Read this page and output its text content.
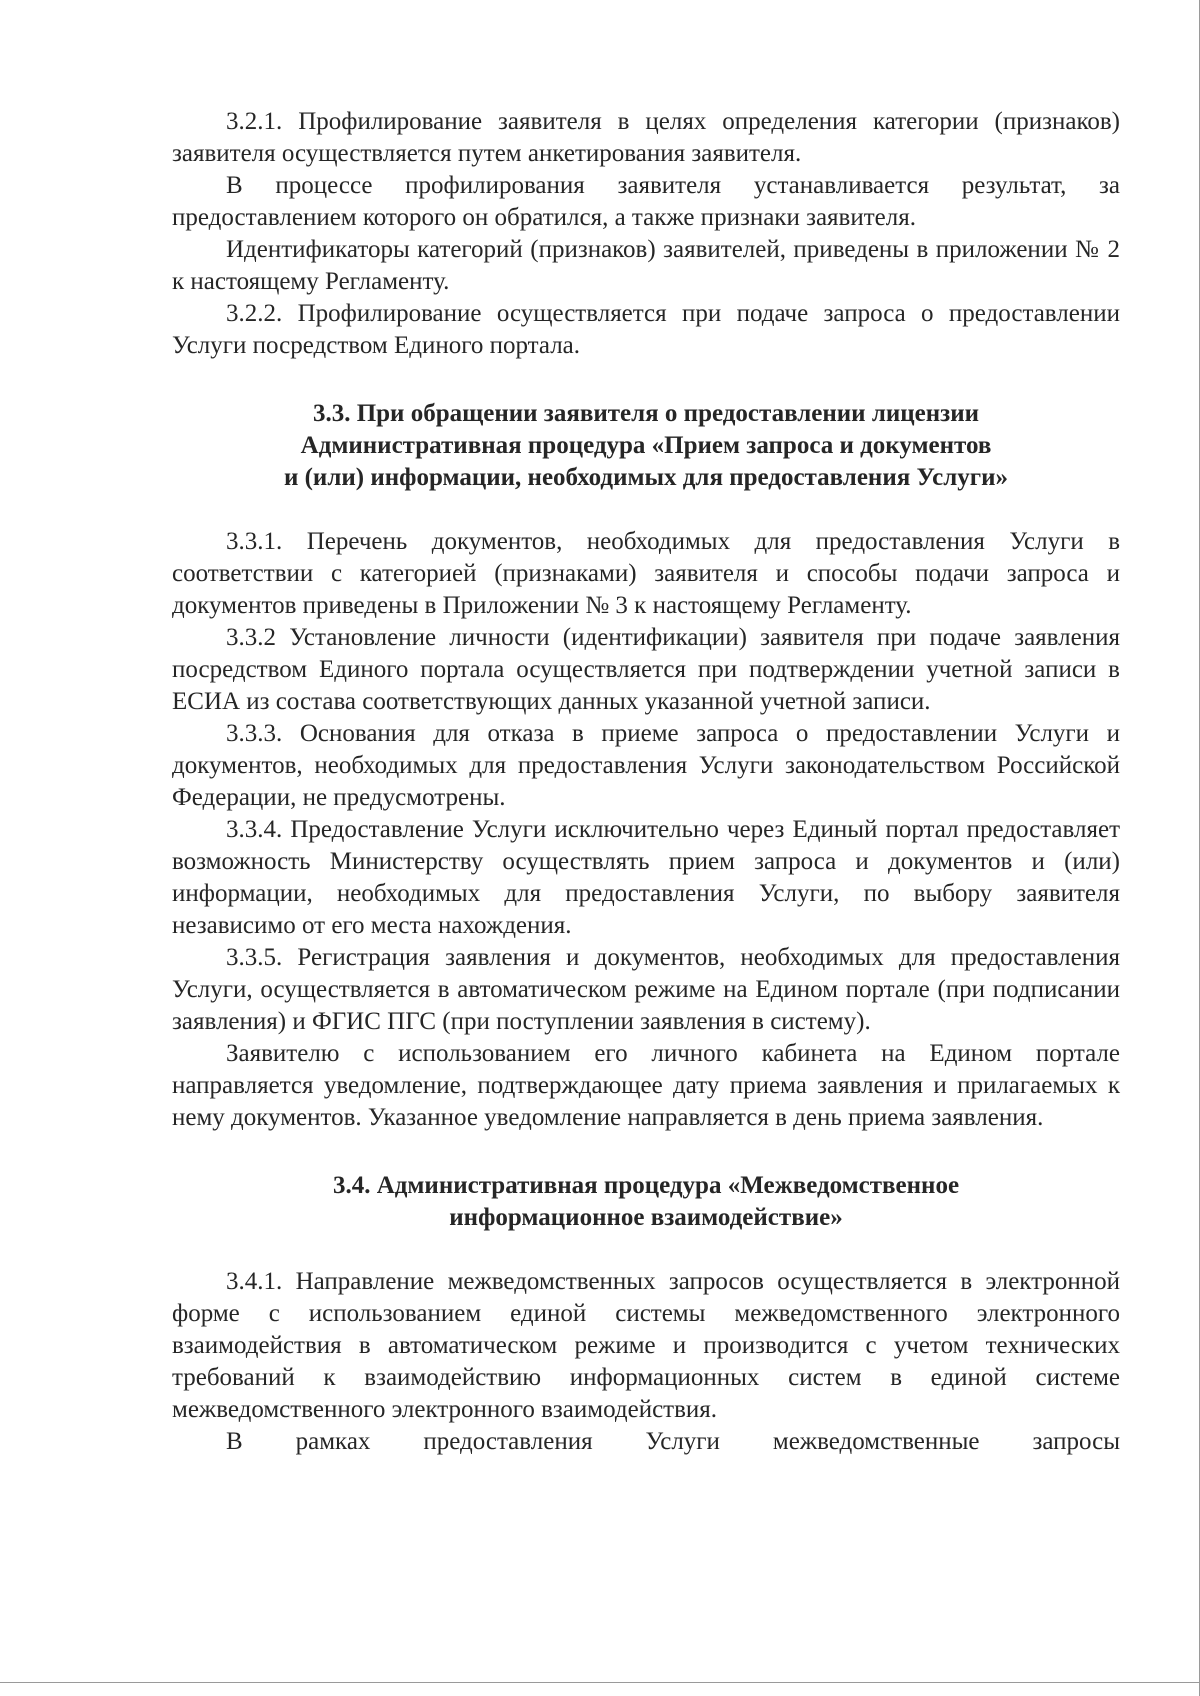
3.2.1. Профилирование заявителя в целях определения категории (признаков) заявителя осуществляется путем анкетирования заявителя.

В процессе профилирования заявителя устанавливается результат, за предоставлением которого он обратился, а также признаки заявителя.

Идентификаторы категорий (признаков) заявителей, приведены в приложении № 2 к настоящему Регламенту.

3.2.2. Профилирование осуществляется при подаче запроса о предоставлении Услуги посредством Единого портала.

3.3. При обращении заявителя о предоставлении лицензии
Административная процедура «Прием запроса и документов
и (или) информации, необходимых для предоставления Услуги»

3.3.1. Перечень документов, необходимых для предоставления Услуги в соответствии с категорией (признаками) заявителя и способы подачи запроса и документов приведены в Приложении № 3 к настоящему Регламенту.

3.3.2 Установление личности (идентификации) заявителя при подаче заявления посредством Единого портала осуществляется при подтверждении учетной записи в ЕСИА из состава соответствующих данных указанной учетной записи.

3.3.3. Основания для отказа в приеме запроса о предоставлении Услуги и документов, необходимых для предоставления Услуги законодательством Российской Федерации, не предусмотрены.

3.3.4. Предоставление Услуги исключительно через Единый портал предоставляет возможность Министерству осуществлять прием запроса и документов и (или) информации, необходимых для предоставления Услуги, по выбору заявителя независимо от его места нахождения.

3.3.5. Регистрация заявления и документов, необходимых для предоставления Услуги, осуществляется в автоматическом режиме на Едином портале (при подписании заявления) и ФГИС ПГС (при поступлении заявления в систему).

Заявителю с использованием его личного кабинета на Едином портале направляется уведомление, подтверждающее дату приема заявления и прилагаемых к нему документов. Указанное уведомление направляется в день приема заявления.

3.4. Административная процедура «Межведомственное
информационное взаимодействие»

3.4.1. Направление межведомственных запросов осуществляется в электронной форме с использованием единой системы межведомственного электронного взаимодействия в автоматическом режиме и производится с учетом технических требований к взаимодействию информационных систем в единой системе межведомственного электронного взаимодействия.

В рамках предоставления Услуги межведомственные запросы
